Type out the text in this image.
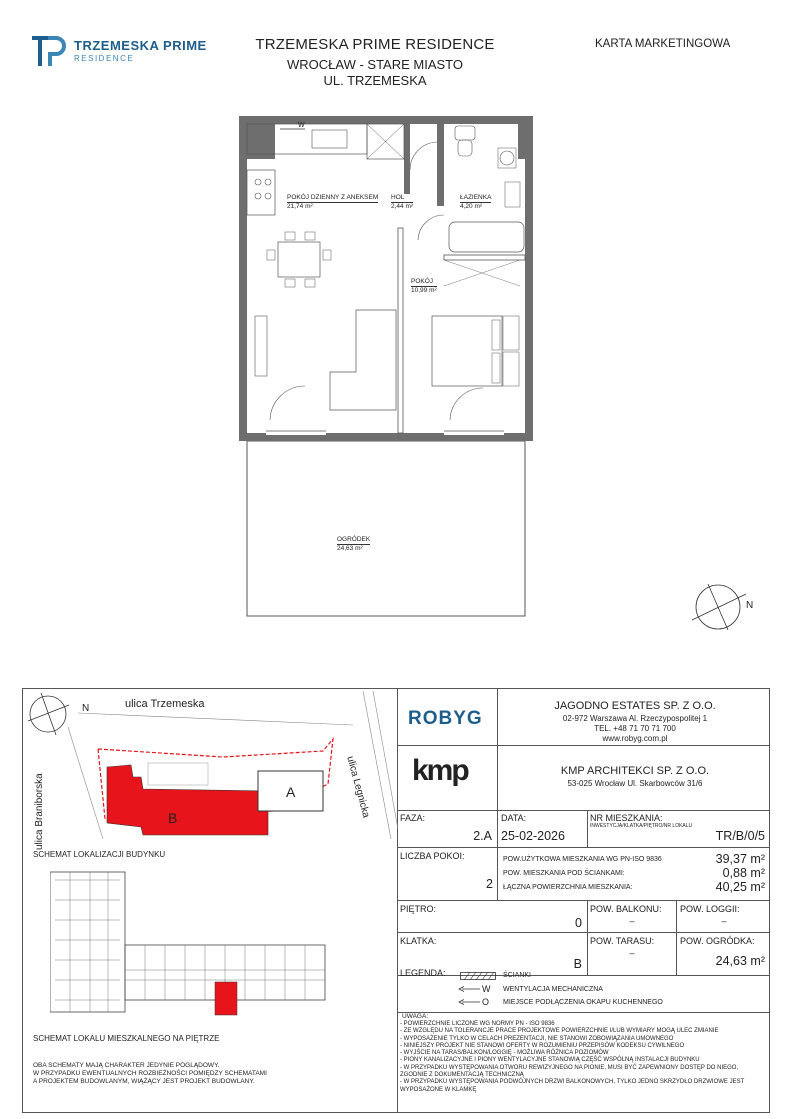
TRZEMESKA PRIME
RESIDENCE
TRZEMESKA PRIME RESIDENCE
WROCŁAW - STARE MIASTO
UL. TRZEMESKA
KARTA MARKETINGOWA
W
N
POKÓJ DZIENNY Z ANEKSEM
21,74 m²
HOL
2,44 m²
ŁAZIENKA
4,20 m²
POKÓJ
10,99 m²
OGRÓDEK
24,63 m²
ulica Trzemeska
ulica Braniborska	ulica Legnicka
N
A
B
SCHEMAT LOKALIZACJI BUDYNKU
SCHEMAT LOKALU MIESZKALNEGO NA PIĘTRZE
OBA SCHEMATY MAJĄ CHARAKTER JEDYNIE POGLĄDOWY.
W PRZYPADKU EWENTUALNYCH ROZBIEŻNOŚCI POMIĘDZY SCHEMATAMI
A PROJEKTEM BUDOWLANYM, WIĄŻĄCY JEST PROJEKT BUDOWLANY.
ROBYG
JAGODNO ESTATES SP. Z O.O.
02-972 Warszawa Al. Rzeczypospolitej 1
TEL. +48 71 70 71 700
www.robyg.com.pl
kmp	KMP ARCHITEKCI SP. Z O.O.
53-025 Wrocław Ul. Skarbowców 31/6
FAZA:
2.A
DATA:
25-02-2026
NR MIESZKANIA:
INWESTYCJA/KLATKA/PIĘTRO/NR LOKALU
TR/B/0/5
LICZBA POKOI:
2
POW.UŻYTKOWA MIESZKANIA WG PN-ISO 9836	39,37 m²
POW. MIESZKANIA POD ŚCIANKAMI:	0,88 m²
ŁĄCZNA POWIERZCHNIA MIESZKANIA:	40,25 m²
PIĘTRO:
0
POW. BALKONU:
–
POW. LOGGII:
–
KLATKA:
B
POW. TARASU:
–
POW. OGRÓDKA:
24,63 m²
LEGENDA:	ŚCIANKI
W WENTYLACJA MECHANICZNA
O MIEJSCE PODŁĄCZENIA OKAPU KUCHENNEGO
UWAGA:
- POWIERZCHNIE LICZONE WG NORMY PN - ISO 9836
- ZE WZGLĘDU NA TOLERANCJE PRACE PROJEKTOWE POWIERZCHNIE I/LUB WYMIARY MOGĄ ULEC ZMIANIE
- WYPOSAŻENIE TYLKO W CELACH PREZENTACJI, NIE STANOWI ZOBOWIĄZANIA UMOWNEGO
- NINIEJSZY PROJEKT NIE STANOWI OFERTY W ROZUMIENIU PRZEPISÓW KODEKSU CYWILNEGO
- WYJŚCIE NA TARAS/BALKON/LOGGIĘ - MOŻLIWA RÓŻNICA POZIOMÓW
- PIONY KANALIZACYJNE I PIONY WENTYLACYJNE STANOWIĄ CZĘŚĆ WSPÓLNĄ INSTALACJI BUDYNKU
- W PRZYPADKU WYSTĘPOWANIA OTWORU REWIZYJNEGO NA PIONIE, MUSI BYĆ ZAPEWNIONY DOSTĘP DO NIEGO,
ZGODNIE Z DOKUMENTACJĄ TECHNICZNĄ
- W PRZYPADKU WYSTĘPOWANIA PODWÓJNYCH DRZWI BALKONOWYCH, TYLKO JEDNO SKRZYDŁO DRZWIOWE JEST
WYPOSAŻONE W KLAMKĘ
